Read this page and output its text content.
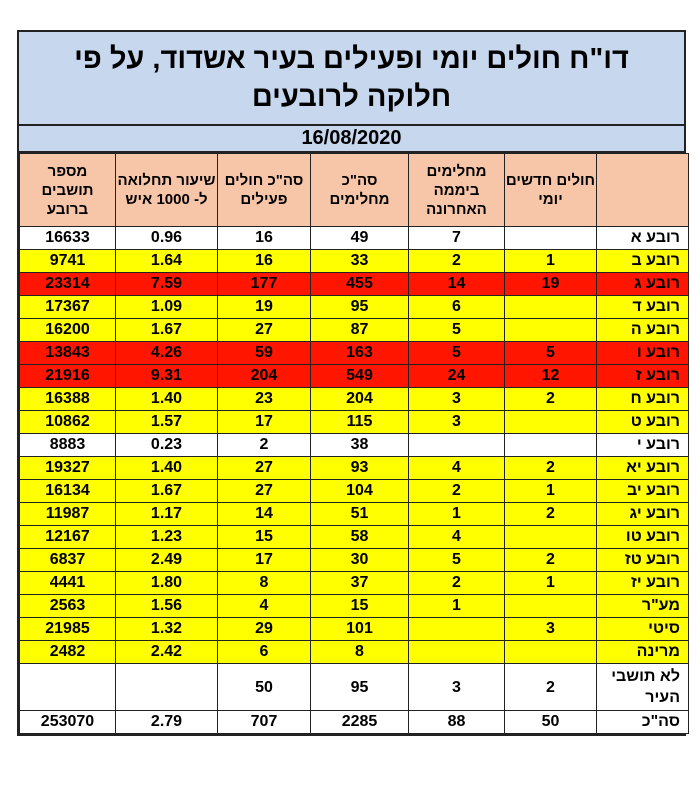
דו"ח חולים יומי ופעילים בעיר אשדוד, על פי חלוקה לרובעים
16/08/2020
מספר תושבים ברובע	שיעור תחלואה ל- 1000 איש	סה"כ חולים פעילים	סה"כ מחלימים	מחלימים ביממה האחרונה	חולים חדשים יומי	
16633	0.96	16	49	7		רובע א
9741	1.64	16	33	2	1	רובע ב
23314	7.59	177	455	14	19	רובע ג
17367	1.09	19	95	6		רובע ד
16200	1.67	27	87	5		רובע ה
13843	4.26	59	163	5	5	רובע ו
21916	9.31	204	549	24	12	רובע ז
16388	1.40	23	204	3	2	רובע ח
10862	1.57	17	115	3		רובע ט
8883	0.23	2	38			רובע י
19327	1.40	27	93	4	2	רובע יא
16134	1.67	27	104	2	1	רובע יב
11987	1.17	14	51	1	2	רובע יג
12167	1.23	15	58	4		רובע טו
6837	2.49	17	30	5	2	רובע טז
4441	1.80	8	37	2	1	רובע יז
2563	1.56	4	15	1		מע"ר
21985	1.32	29	101		3	סיטי
2482	2.42	6	8			מרינה
		50	95	3	2	לא תושבי העיר
253070	2.79	707	2285	88	50	סה"כ
